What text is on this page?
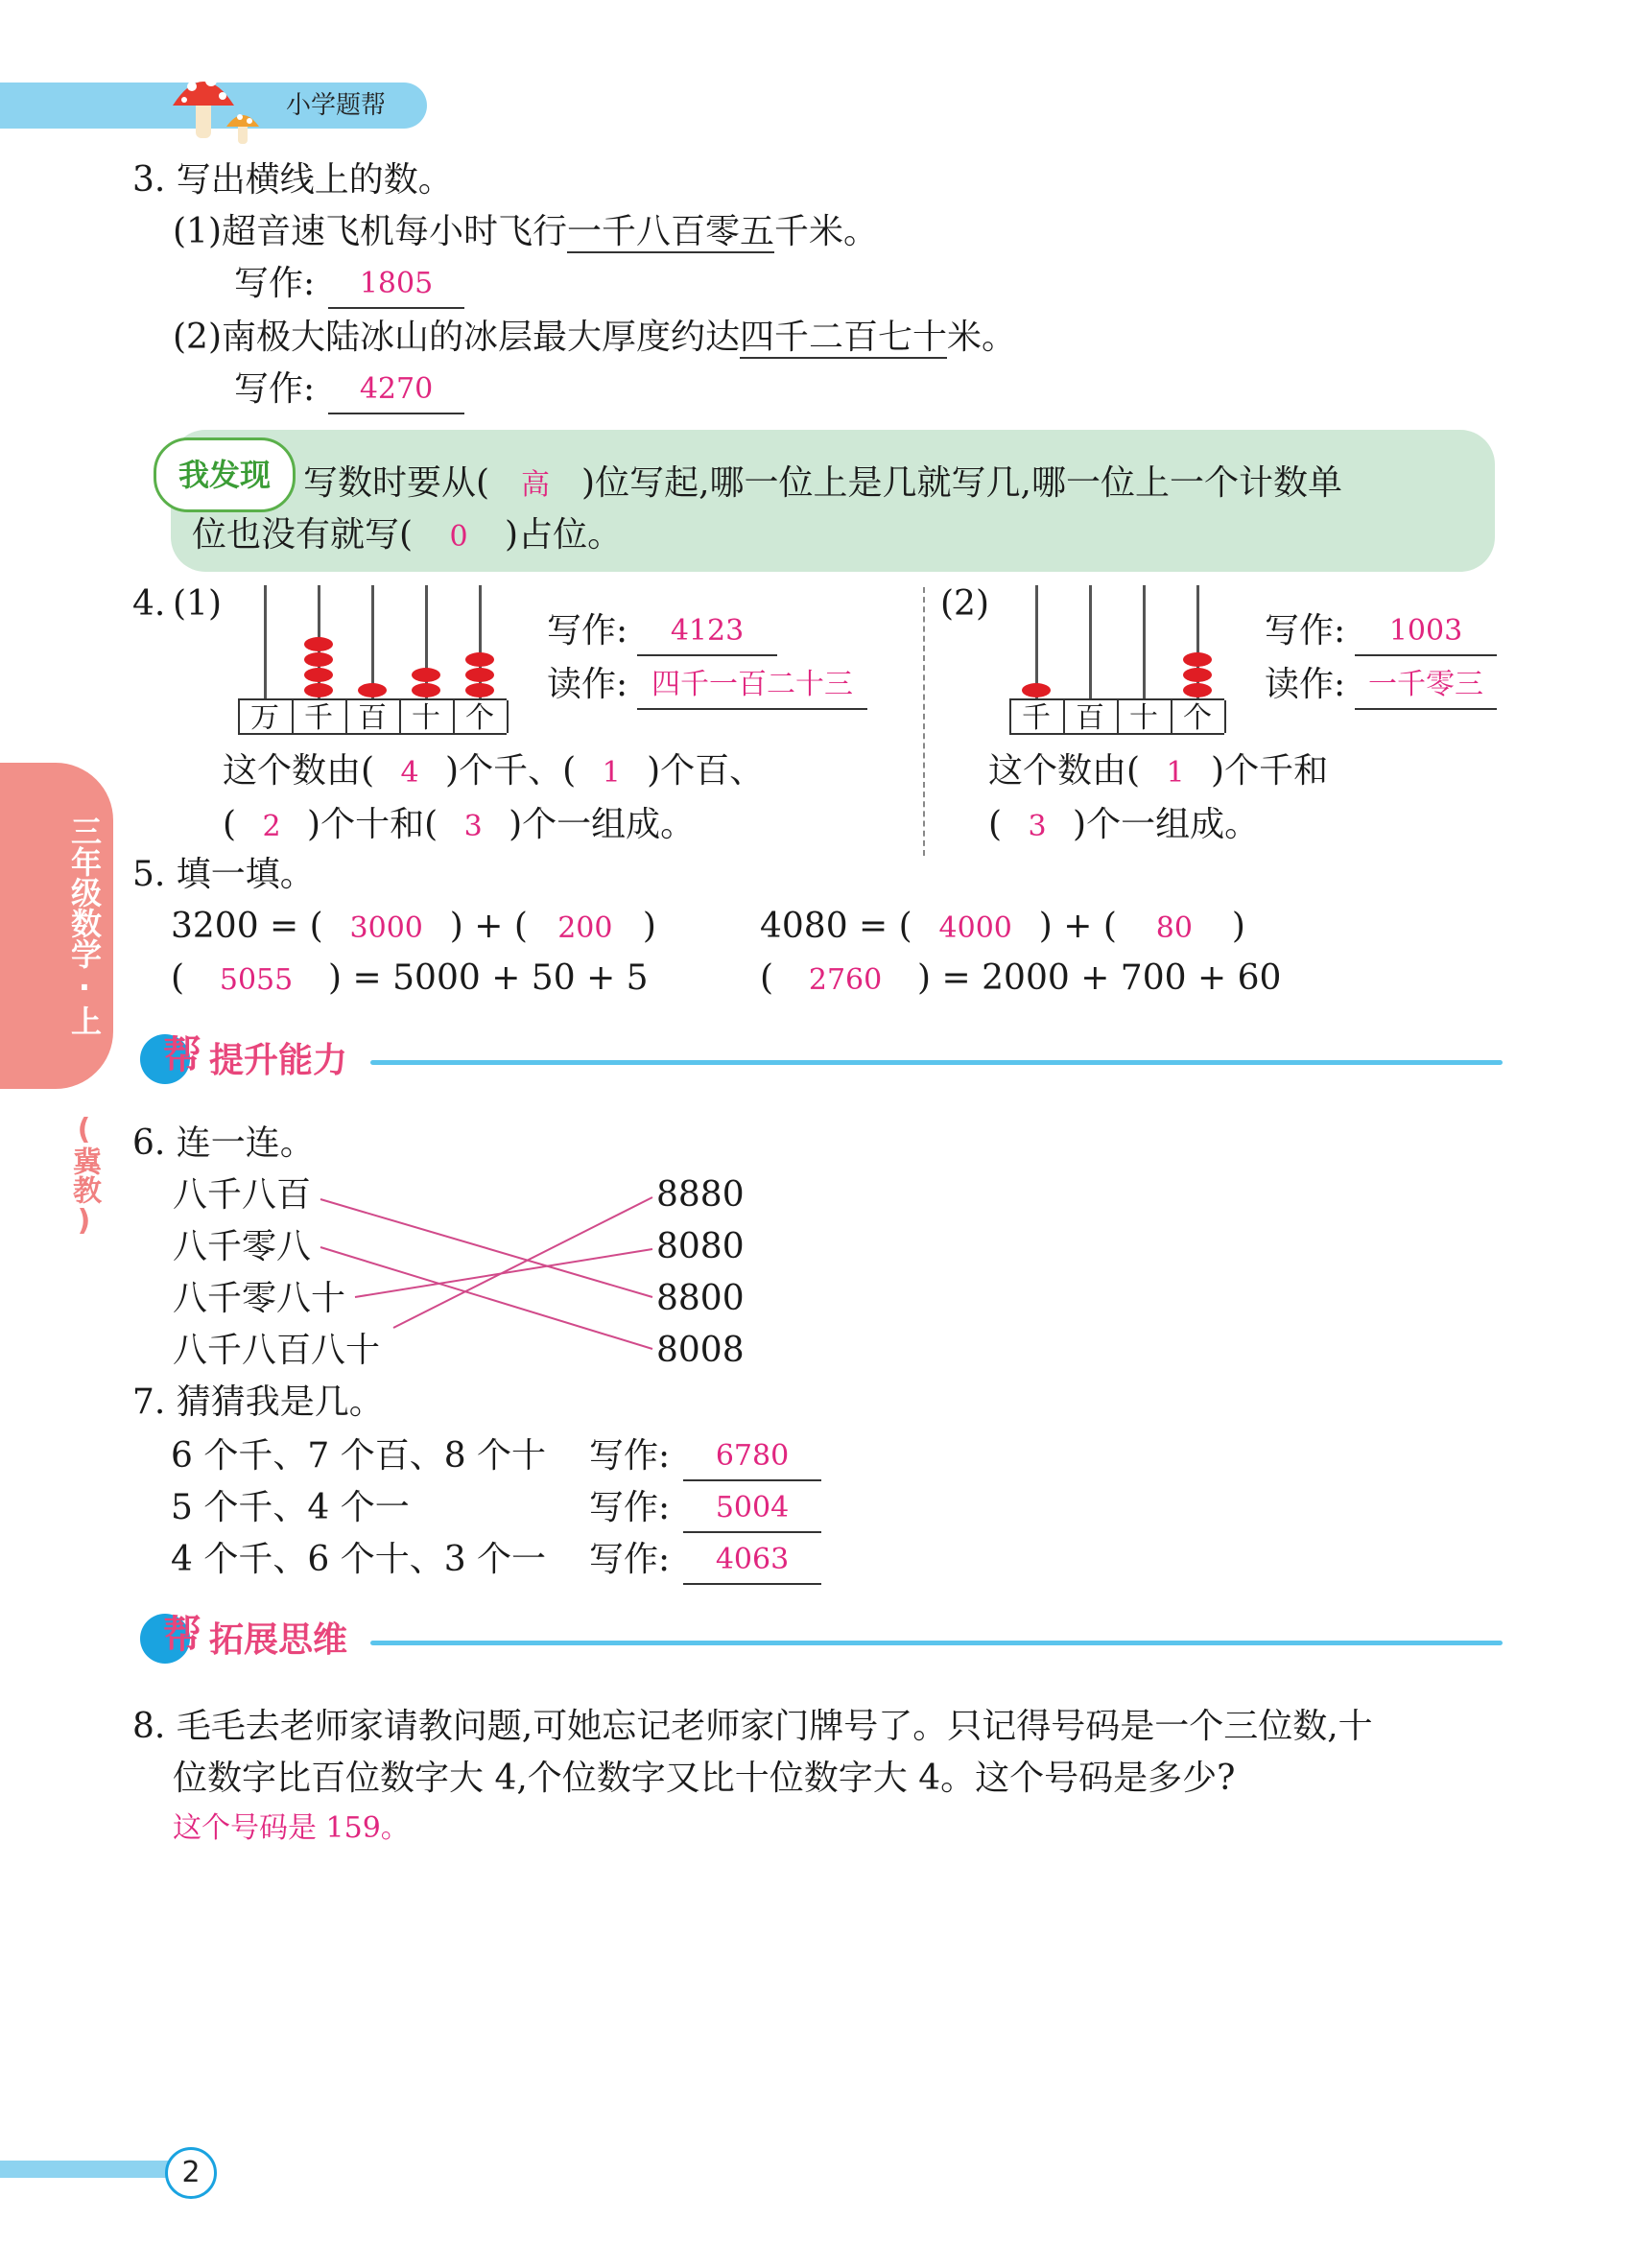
小学题帮
三年级数学·上
(冀教)
3. 写出横线上的数。
(1)超音速飞机每小时飞行一千八百零五千米。
写作:	1805
(2)南极大陆冰山的冰层最大厚度约达四千二百七十米。
写作:	4270
我发现 写数时要从( 高 )位写起,哪一位上是几就写几,哪一位上一个计数单
位也没有就写( 0 )占位。
4. (1)	(2)
万 千 百 十 个	千 百 十 个
写作:	4123
读作: 四千一百二十三
写作:	1003
读作: 一千零三
这个数由( 4 )个千、( 1 )个百、
( 2 )个十和( 3 )个一组成。
这个数由( 1 )个千和
( 3 )个一组成。
5. 填一填。
3200 = ( 3000 ) + ( 200 )	4080 = ( 4000 ) + ( 80 )
( 5055 ) = 5000 + 50 + 5	( 2760 ) = 2000 + 700 + 60
帮 提升能力
6. 连一连。
八千八百
八千零八
八千零八十
八千八百八十
8880
8080
8800
8008
7. 猜猜我是几。
6 个千、7 个百、8 个十 写作:	6780
5 个千、4 个一	写作:	5004
4 个千、6 个十、3 个一 写作:	4063
帮 拓展思维
8. 毛毛去老师家请教问题,可她忘记老师家门牌号了。只记得号码是一个三位数,十
位数字比百位数字大 4,个位数字又比十位数字大 4。这个号码是多少?
这个号码是 159。
2
